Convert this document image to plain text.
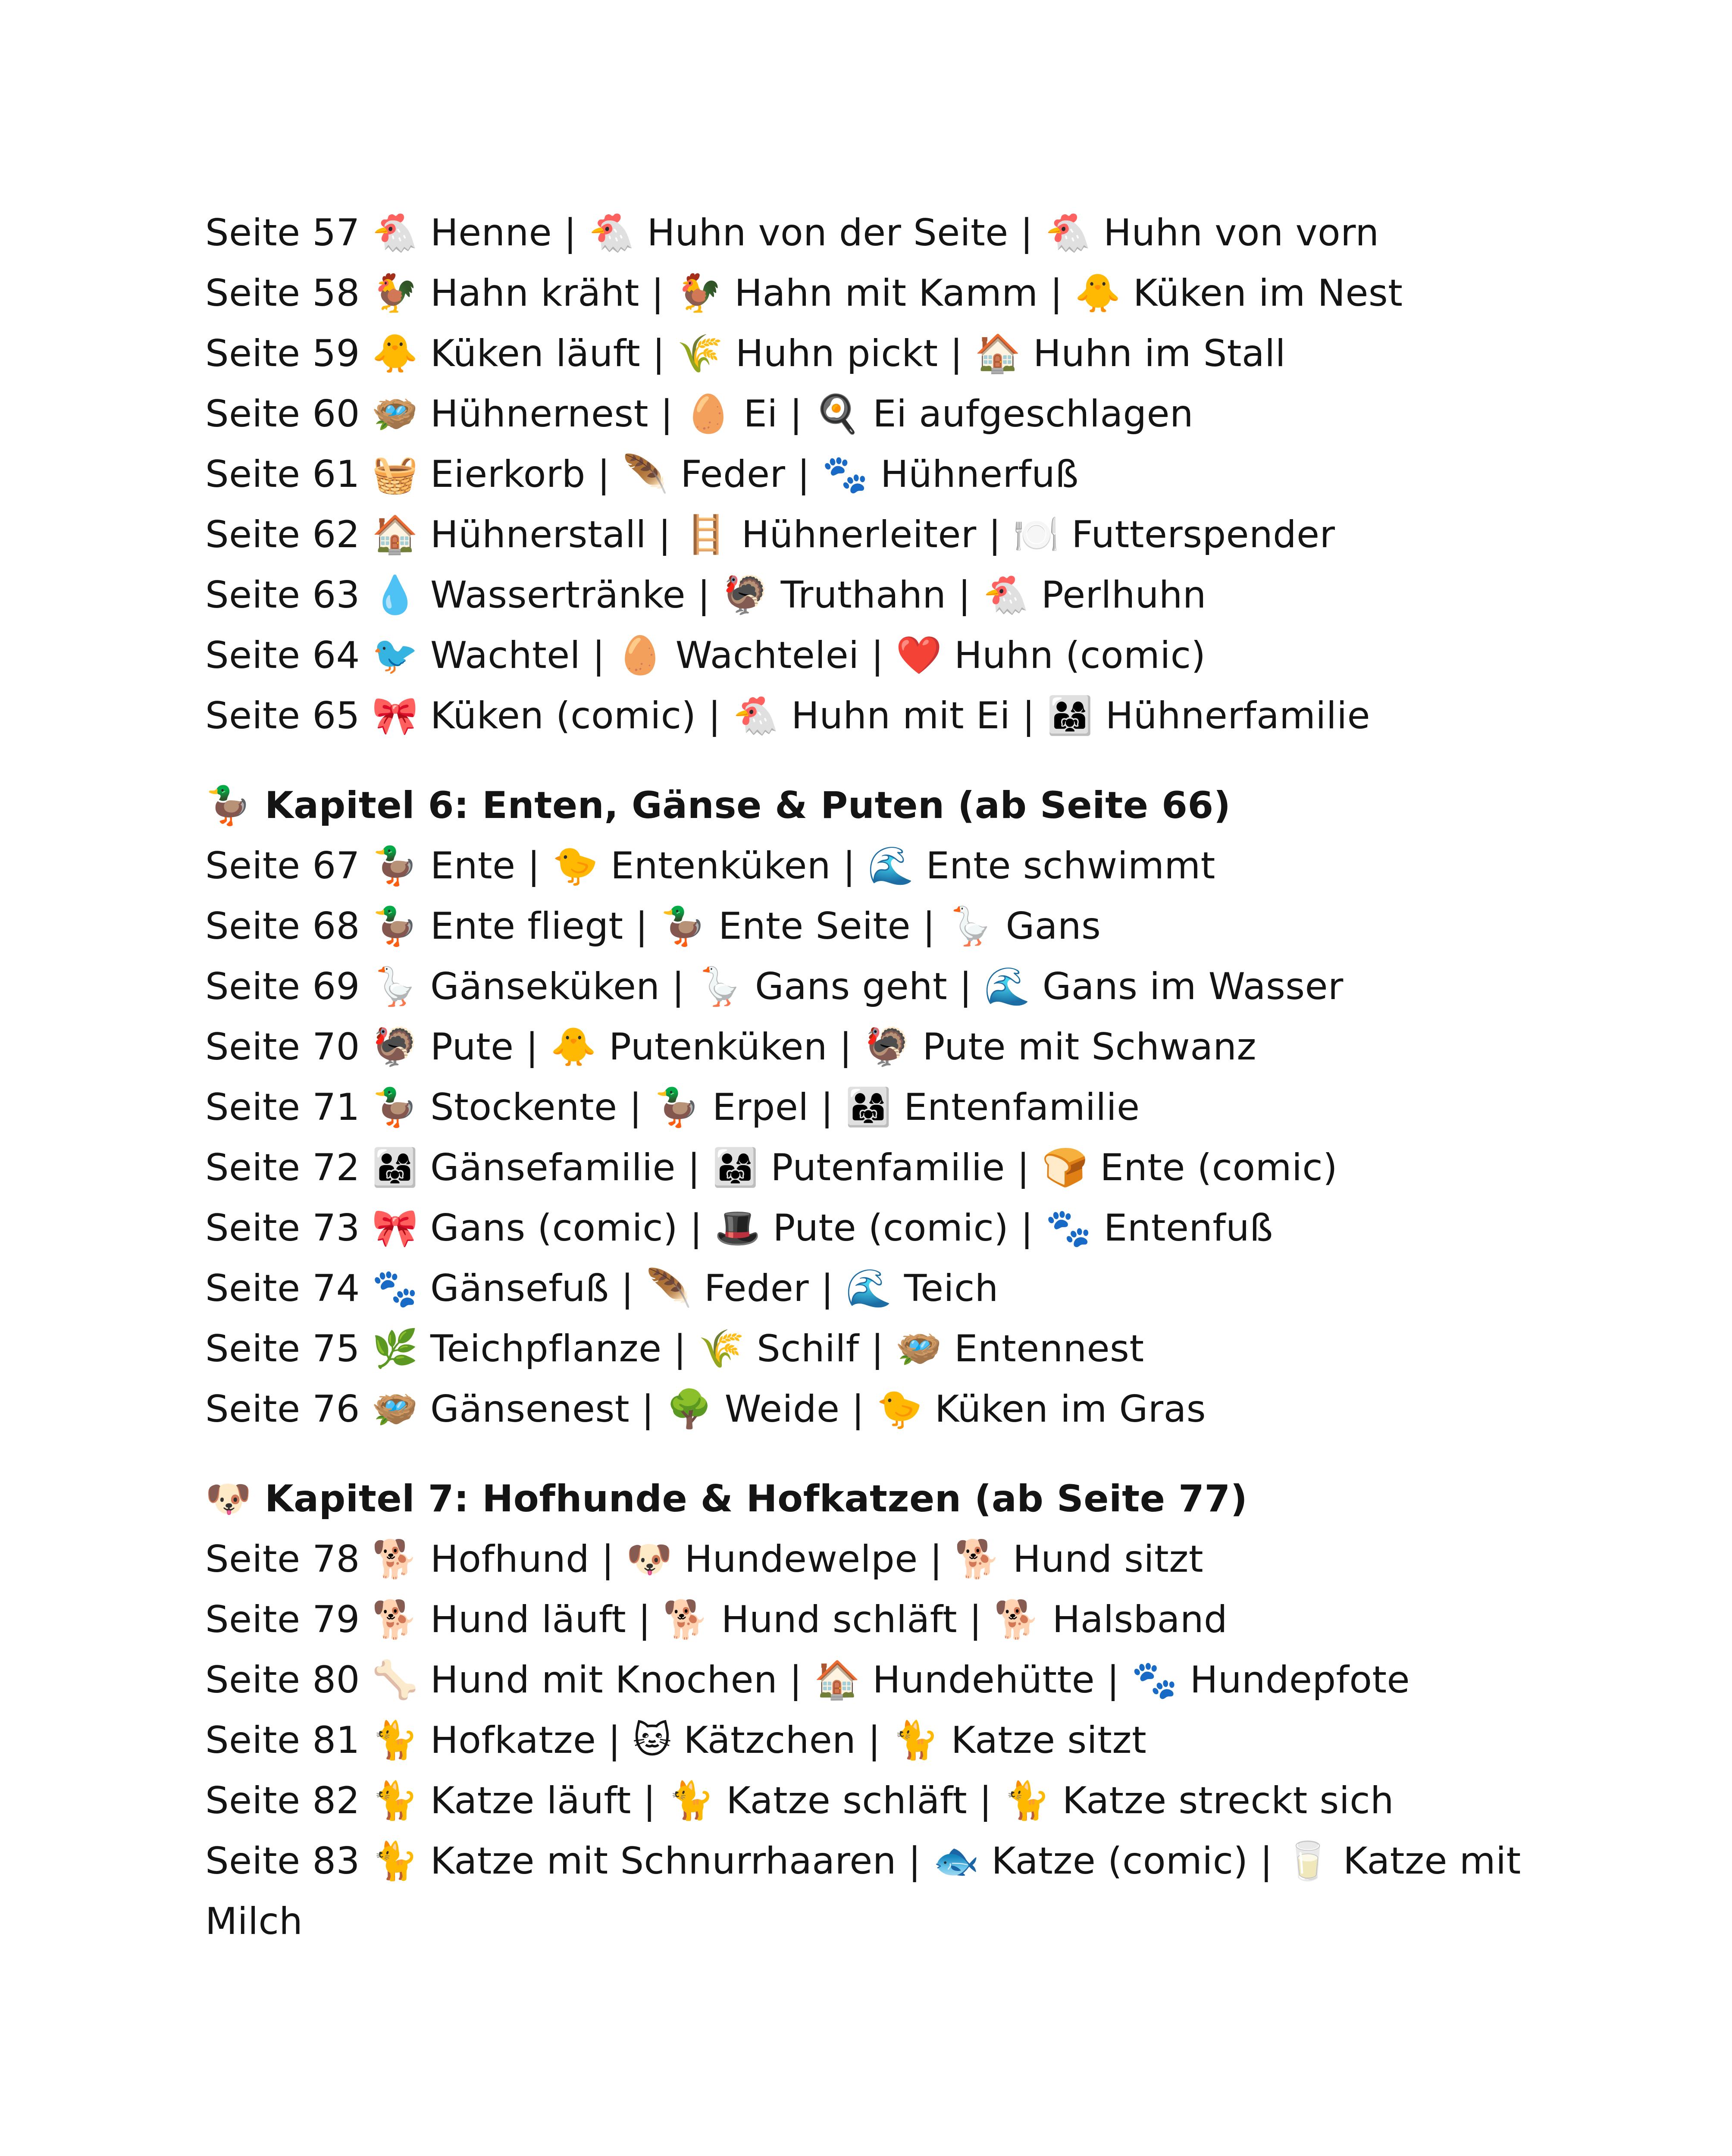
Seite 57 🐔 Henne | 🐔 Huhn von der Seite | 🐔 Huhn von vorn
Seite 58 🐓 Hahn kräht | 🐓 Hahn mit Kamm | 🐥 Küken im Nest
Seite 59 🐥 Küken läuft | 🌾 Huhn pickt | 🏠 Huhn im Stall
Seite 60 🪺 Hühnernest | 🥚 Ei | 🍳 Ei aufgeschlagen
Seite 61 🧺 Eierkorb | 🪶 Feder | 🐾 Hühnerfuß
Seite 62 🏠 Hühnerstall | 🪜 Hühnerleiter | 🍽️ Futterspender
Seite 63 💧 Wassertränke | 🦃 Truthahn | 🐔 Perlhuhn
Seite 64 🐦 Wachtel | 🥚 Wachtelei | ❤️ Huhn (comic)
Seite 65 🎀 Küken (comic) | 🐔 Huhn mit Ei | 👨‍👩‍👧 Hühnerfamilie
🦆 Kapitel 6: Enten, Gänse & Puten (ab Seite 66)
Seite 67 🦆 Ente | 🐤 Entenküken | 🌊 Ente schwimmt
Seite 68 🦆 Ente fliegt | 🦆 Ente Seite | 🪿 Gans
Seite 69 🪿 Gänseküken | 🪿 Gans geht | 🌊 Gans im Wasser
Seite 70 🦃 Pute | 🐥 Putenküken | 🦃 Pute mit Schwanz
Seite 71 🦆 Stockente | 🦆 Erpel | 👨‍👩‍👧 Entenfamilie
Seite 72 👨‍👩‍👧 Gänsefamilie | 👨‍👩‍👧 Putenfamilie | 🍞 Ente (comic)
Seite 73 🎀 Gans (comic) | 🎩 Pute (comic) | 🐾 Entenfuß
Seite 74 🐾 Gänsefuß | 🪶 Feder | 🌊 Teich
Seite 75 🌿 Teichpflanze | 🌾 Schilf | 🪺 Entennest
Seite 76 🪺 Gänsenest | 🌳 Weide | 🐤 Küken im Gras
🐶 Kapitel 7: Hofhunde & Hofkatzen (ab Seite 77)
Seite 78 🐕 Hofhund | 🐶 Hundewelpe | 🐕 Hund sitzt
Seite 79 🐕 Hund läuft | 🐕 Hund schläft | 🐕 Halsband
Seite 80 🦴 Hund mit Knochen | 🏠 Hundehütte | 🐾 Hundepfote
Seite 81 🐈 Hofkatze | 🐱 Kätzchen | 🐈 Katze sitzt
Seite 82 🐈 Katze läuft | 🐈 Katze schläft | 🐈 Katze streckt sich
Seite 83 🐈 Katze mit Schnurrhaaren | 🐟 Katze (comic) | 🥛 Katze mit Milch
